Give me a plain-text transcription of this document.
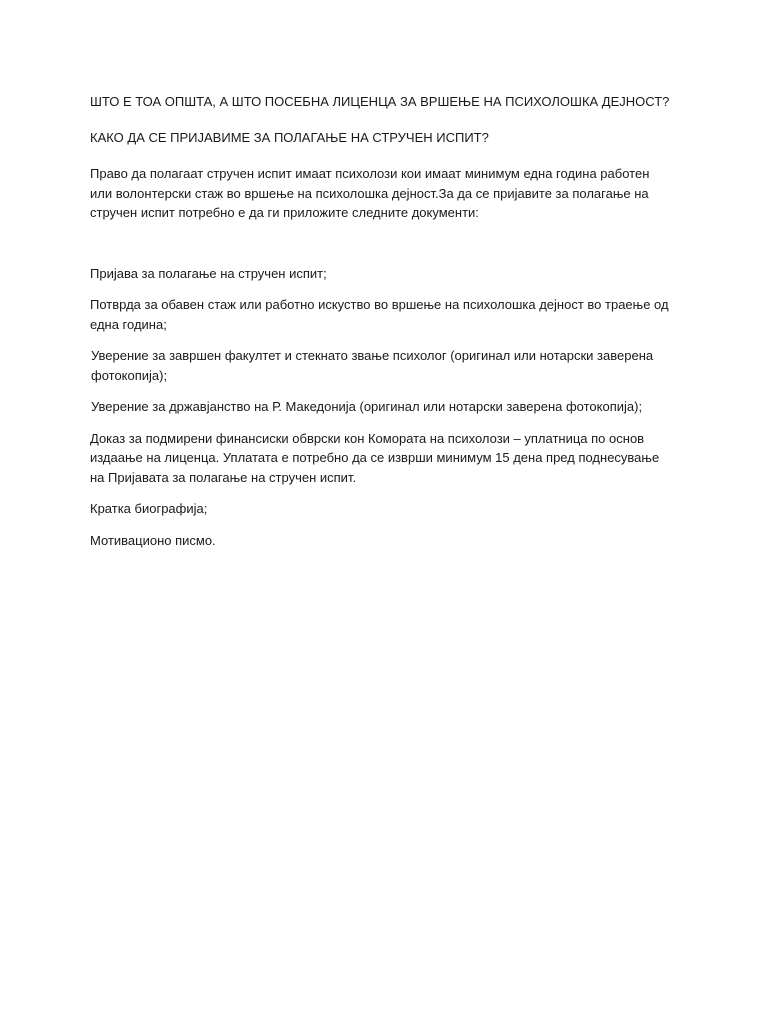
ШТО Е ТОА ОПШТА, А ШТО ПОСЕБНА ЛИЦЕНЦА ЗА ВРШЕЊЕ НА ПСИХОЛОШКА ДЕЈНОСТ?

КАКО ДА СЕ ПРИЈАВИМЕ ЗА ПОЛАГАЊЕ НА СТРУЧЕН ИСПИТ?

Право да полагаат стручен испит имаат психолози кои имаат минимум една година работен или волонтерски стаж во вршење на психолошка дејност.За да се пријавите за полагање на стручен испит потребно е да ги приложите следните документи:

Пријава за полагање на стручен испит;

Потврда за обавен стаж или работно искуство во вршење на психолошка дејност во траење од една година;

Уверение за завршен факултет и стекнато звање психолог (оригинал или нотарски заверена фотокопија);

Уверение за државјанство на Р. Македонија (оригинал или нотарски заверена фотокопија);

Доказ за подмирени финансиски обврски кон Комората на психолози – уплатница по основ издаање на лиценца. Уплатата е потребно да се изврши минимум 15 дена пред поднесување на Пријавата за полагање на стручен испит.

Кратка биографија;

Мотивационо писмо.
